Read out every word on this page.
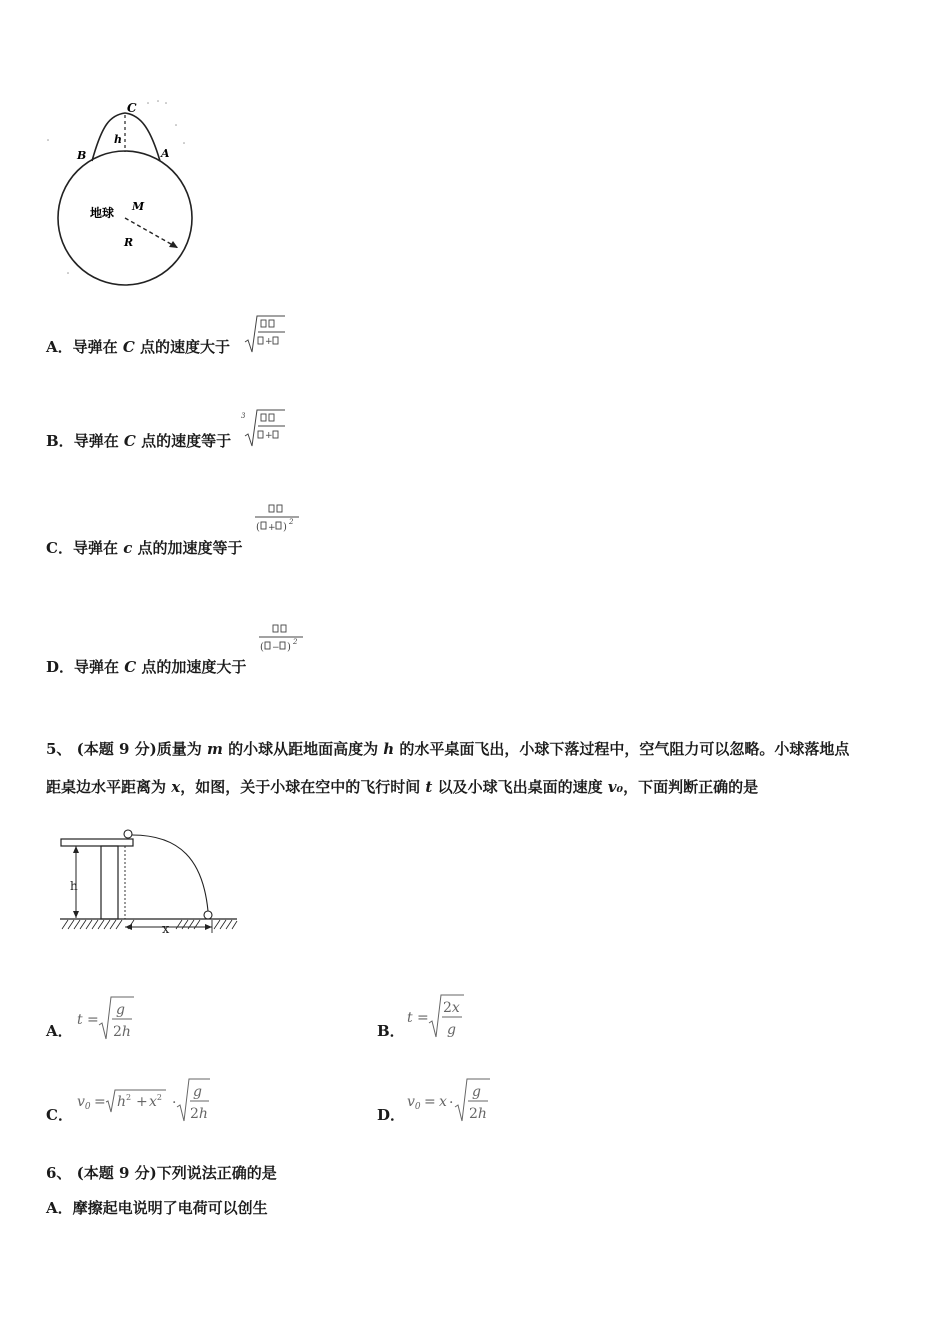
C
h
B	A
地球 M
R
A．导弹在 C 点的速度大于	+
B．导弹在 C 点的速度等于
3
+
C．导弹在 c 点的加速度等于
( + ) 2
D．导弹在 C 点的加速度大于
( − ) 2
5、 (本题 9 分)质量为 m 的小球从距地面高度为 h 的水平桌面飞出，小球下落过程中，空气阻力可以忽略。小球落地点
距桌边水平距离为 x，如图，关于小球在空中的飞行时间 t 以及小球飞出桌面的速度 v₀，下面判断正确的是
h
x
A．
t =
g
2h	B．
t =
2x
g
C．
$v_0 = h^2 + x^2$ ·
g
2h	D．
$v_0 = x$ ·
g
2h
6、 (本题 9 分)下列说法正确的是
A．摩擦起电说明了电荷可以创生
